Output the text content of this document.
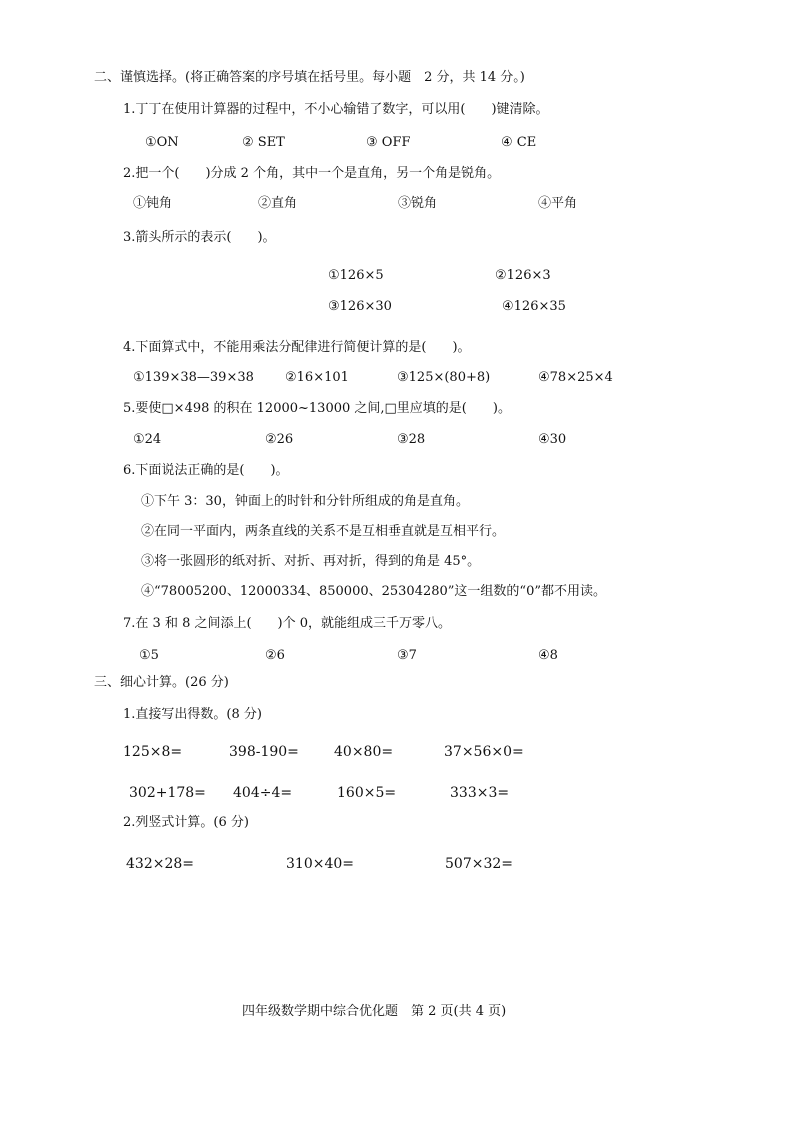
二、谨慎选择。(将正确答案的序号填在括号里。每小题　2 分，共 14 分。)
1.丁丁在使用计算器的过程中，不小心输错了数字，可以用(　　)键清除。
①ON	② SET	③ OFF	④ CE
2.把一个(　　)分成 2 个角，其中一个是直角，另一个角是锐角。
①钝角	②直角	③锐角	④平角
3.箭头所示的表示(　　)。
①126×5	②126×3
③126×30	④126×35
4.下面算式中，不能用乘法分配律进行简便计算的是(　　)。
①139×38—39×38 ②16×101	③125×(80+8)	④78×25×4
5.要使□×498 的积在 12000~13000 之间,□里应填的是(　　)。
①24	②26	③28	④30
6.下面说法正确的是(　　)。
①下午 3：30，钟面上的时针和分针所组成的角是直角。
②在同一平面内，两条直线的关系不是互相垂直就是互相平行。
③将一张圆形的纸对折、对折、再对折，得到的角是 45°。
④“78005200、12000334、850000、25304280”这一组数的“0”都不用读。
7.在 3 和 8 之间添上(　　)个 0，就能组成三千万零八。
①5	②6	③7	④8
三、细心计算。(26 分)
1.直接写出得数。(8 分)
125×8=	398-190=	40×80=	37×56×0=
302+178= 404÷4=	160×5=	333×3=
2.列竖式计算。(6 分)
432×28=	310×40=	507×32=
四年级数学期中综合优化题　第 2 页(共 4 页)
